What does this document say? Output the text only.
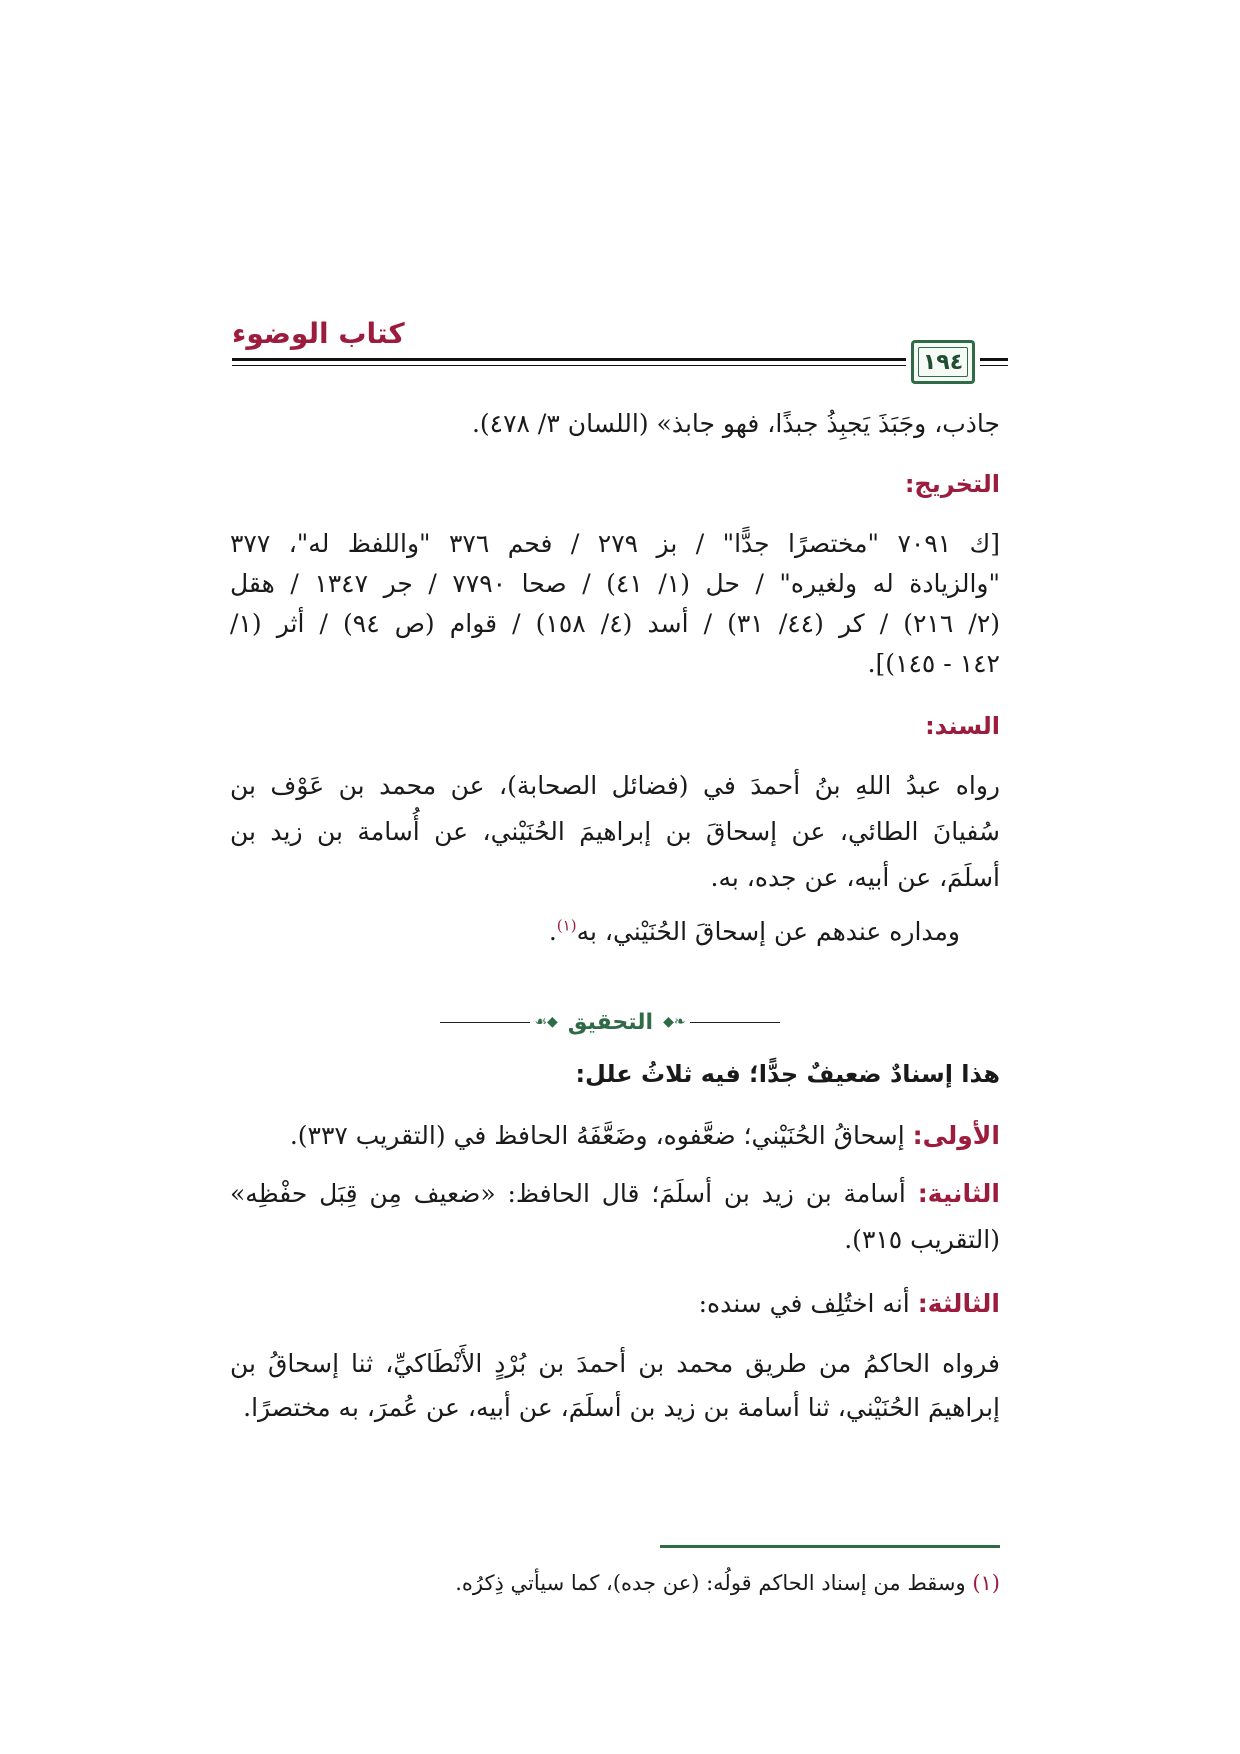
كتاب الوضوء
١٩٤
جاذب، وجَبَذَ يَجبِذُ جبذًا، فهو جابذ» (اللسان ٣/ ٤٧٨).
التخريج:
[ك ٧٠٩١ "مختصرًا جدًّا" / بز ٢٧٩ / فحم ٣٧٦ "واللفظ له"، ٣٧٧
"والزيادة له ولغيره" / حل (١/ ٤١) / صحا ٧٧٩٠ / جر ١٣٤٧ / هقل
(٢/ ٢١٦) / كر (٤٤/ ٣١) / أسد (٤/ ١٥٨) / قوام (ص ٩٤) / أثر (١/
١٤٢ - ١٤٥)].
السند:
رواه عبدُ اللهِ بنُ أحمدَ في (فضائل الصحابة)، عن محمد بن عَوْف بن
سُفيانَ الطائي، عن إسحاقَ بن إبراهيمَ الحُنَيْني، عن أُسامة بن زيد بن
أسلَمَ، عن أبيه، عن جده، به.
ومداره عندهم عن إسحاقَ الحُنَيْني، به$^{(١)}$.
❧◆
التحقيق
◆☙
هذا إسنادٌ ضعيفٌ جدًّا؛ فيه ثلاثُ علل:
الأولى: إسحاقُ الحُنَيْني؛ ضعَّفوه، وضَعَّفَهُ الحافظ في (التقريب ٣٣٧).
الثانية: أسامة بن زيد بن أسلَمَ؛ قال الحافظ: «ضعيف مِن قِبَل حفْظِه»
(التقريب ٣١٥).
الثالثة: أنه اختُلِف في سنده:
فرواه الحاكمُ من طريق محمد بن أحمدَ بن بُرْدٍ الأَنْطَاكيِّ، ثنا إسحاقُ بن
إبراهيمَ الحُنَيْني، ثنا أسامة بن زيد بن أسلَمَ، عن أبيه، عن عُمرَ، به مختصرًا.
(١) وسقط من إسناد الحاكم قولُه: (عن جده)، كما سيأتي ذِكرُه.
